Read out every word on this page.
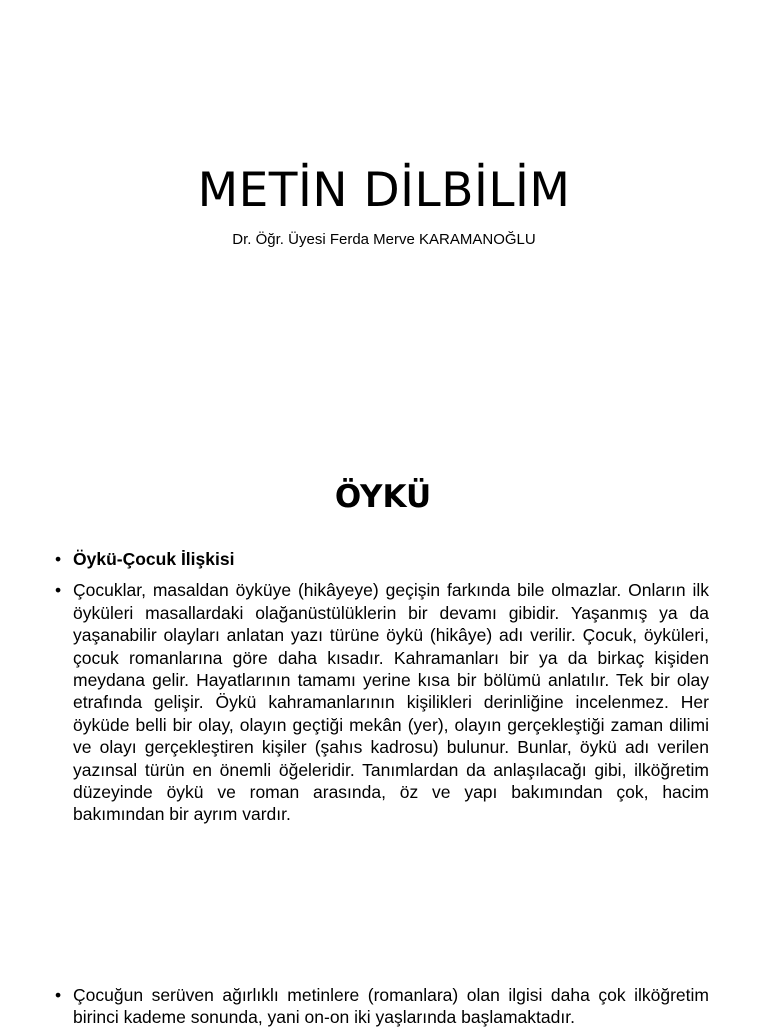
METİN DİLBİLİM

Dr. Öğr. Üyesi Ferda Merve KARAMANOĞLU

ÖYKÜ
• Öykü-Çocuk İlişkisi
• Çocuklar, masaldan öyküye (hikâyeye) geçişin farkında bile olmazlar. Onların ilk öyküleri masallardaki olağanüstülüklerin bir devamı gibidir. Yaşanmış ya da yaşanabilir olayları anlatan yazı türüne öykü (hikâye) adı verilir. Çocuk, öyküleri, çocuk romanlarına göre daha kısadır. Kahramanları bir ya da birkaç kişiden meydana gelir. Hayatlarının tamamı yerine kısa bir bölümü anlatılır. Tek bir olay etrafında gelişir. Öykü kahramanlarının kişilikleri derinliğine incelenmez. Her öyküde belli bir olay, olayın geçtiği mekân (yer), olayın gerçekleştiği zaman dilimi ve olayı gerçekleştiren kişiler (şahıs kadrosu) bulunur. Bunlar, öykü adı verilen yazınsal türün en önemli öğeleridir. Tanımlardan da anlaşılacağı gibi, ilköğretim düzeyinde öykü ve roman arasında, öz ve yapı bakımından çok, hacim bakımından bir ayrım vardır.
• Çocuğun serüven ağırlıklı metinlere (romanlara) olan ilgisi daha çok ilköğretim birinci kademe sonunda, yani on-on iki yaşlarında başlamaktadır.
